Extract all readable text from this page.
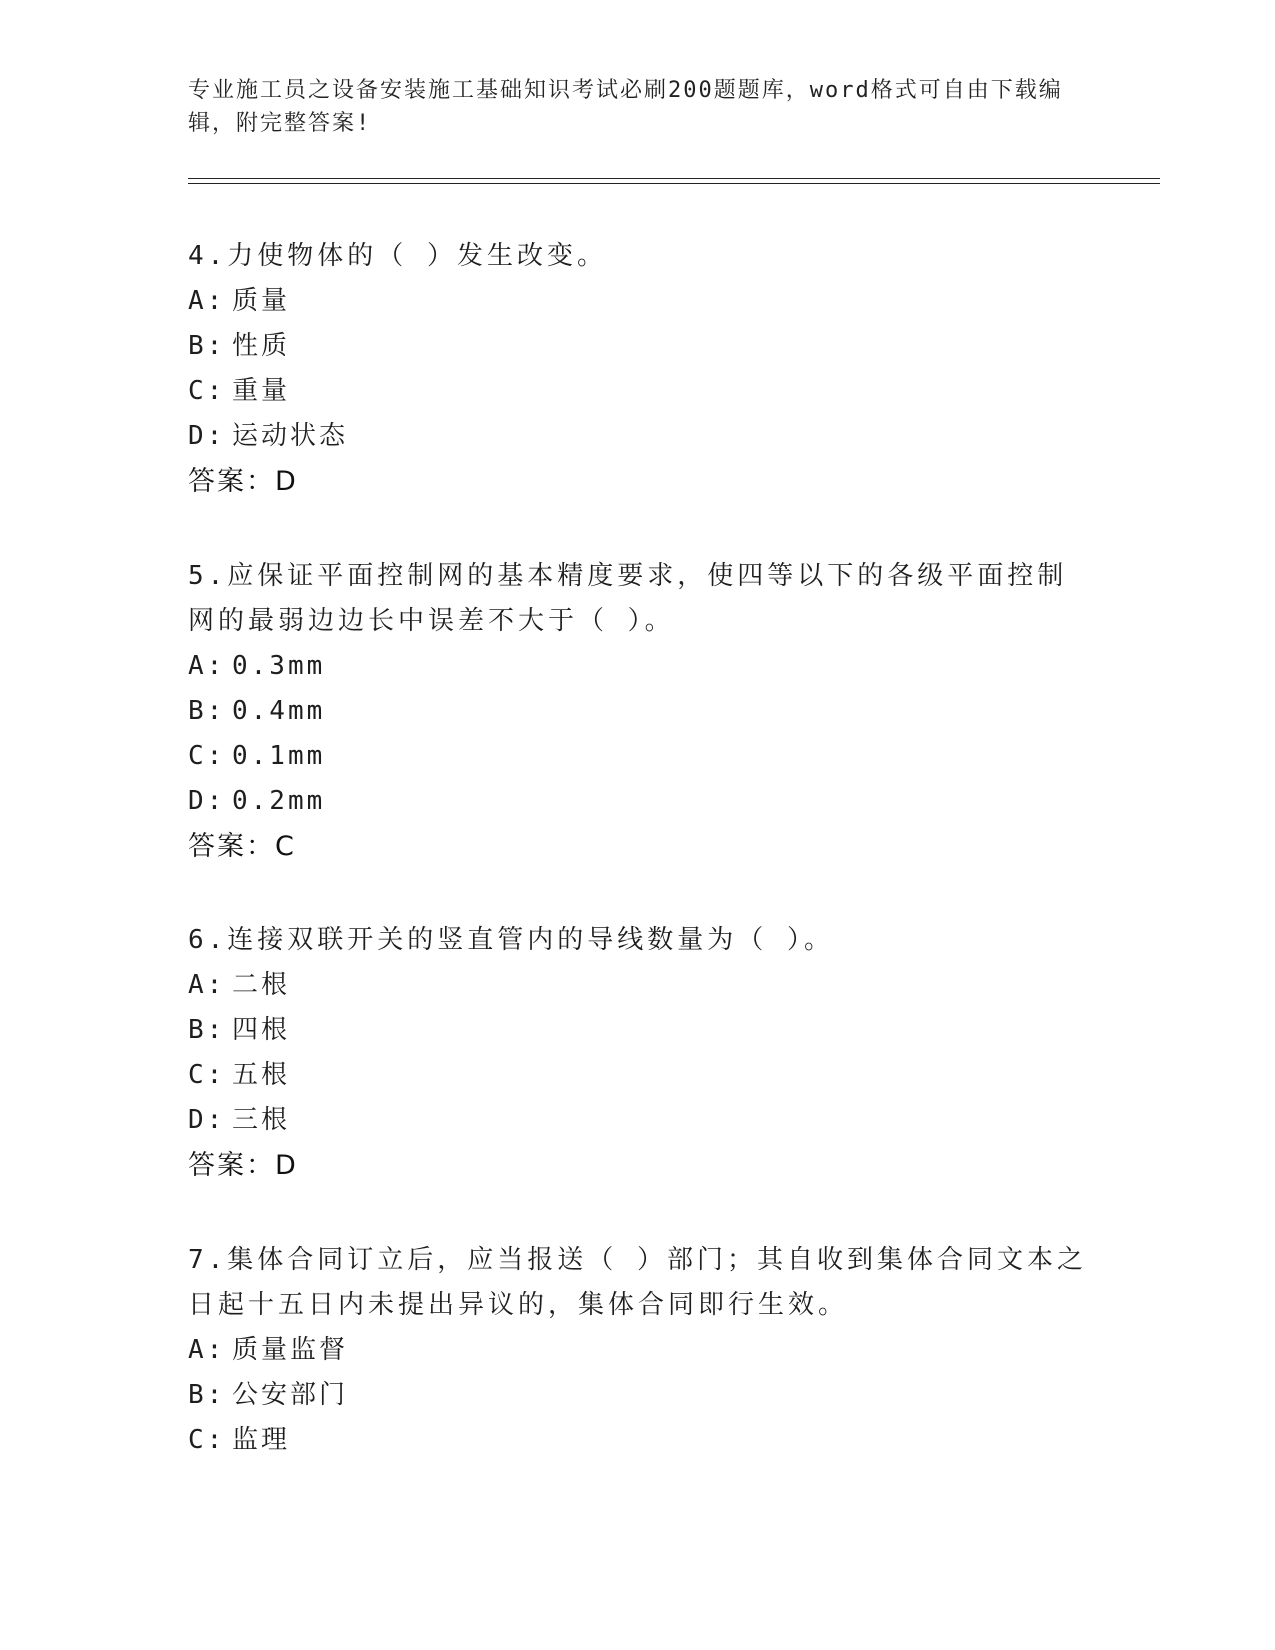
专业施工员之设备安装施工基础知识考试必刷200题题库，word格式可自由下载编辑，附完整答案!

4.力使物体的（ ）发生改变。

A: 质量

B: 性质

C: 重量

D: 运动状态

答案：D

5.应保证平面控制网的基本精度要求，使四等以下的各级平面控制网的最弱边边长中误差不大于（ ）。

A: 0.3mm

B: 0.4mm

C: 0.1mm

D: 0.2mm

答案：C

6.连接双联开关的竖直管内的导线数量为（ ）。

A: 二根

B: 四根

C: 五根

D: 三根

答案：D

7.集体合同订立后，应当报送（ ）部门；其自收到集体合同文本之日起十五日内未提出异议的，集体合同即行生效。

A: 质量监督

B: 公安部门

C: 监理
